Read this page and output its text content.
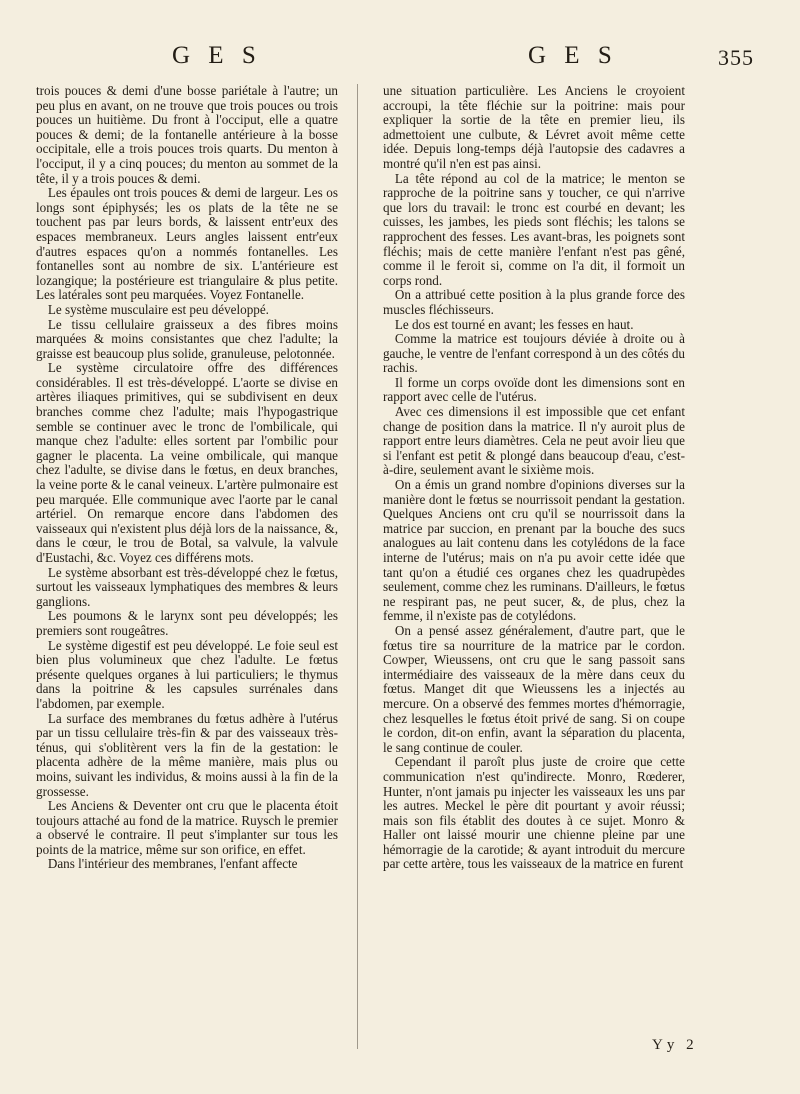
G E S	G E S	355

trois pouces & demi d'une bosse pariétale à l'autre; un peu plus en avant, on ne trouve que trois pouces ou trois pouces un huitième. Du front à l'occiput, elle a quatre pouces & demi; de la fontanelle antérieure à la bosse occipitale, elle a trois pouces trois quarts. Du menton à l'occiput, il y a cinq pouces; du menton au sommet de la tête, il y a trois pouces & demi.

Les épaules ont trois pouces & demi de largeur. Les os longs sont épiphysés; les os plats de la tête ne se touchent pas par leurs bords, & laissent entr'eux des espaces membraneux. Leurs angles laissent entr'eux d'autres espaces qu'on a nommés fontanelles. Les fontanelles sont au nombre de six. L'antérieure est lozangique; la postérieure est triangulaire & plus petite. Les latérales sont peu marquées. Voyez Fontanelle.

Le système musculaire est peu développé.

Le tissu cellulaire graisseux a des fibres moins marquées & moins consistantes que chez l'adulte; la graisse est beaucoup plus solide, granuleuse, pelotonnée.

Le système circulatoire offre des différences considérables. Il est très-développé. L'aorte se divise en artères iliaques primitives, qui se subdivisent en deux branches comme chez l'adulte; mais l'hypogastrique semble se continuer avec le tronc de l'ombilicale, qui manque chez l'adulte: elles sortent par l'ombilic pour gagner le placenta. La veine ombilicale, qui manque chez l'adulte, se divise dans le fœtus, en deux branches, la veine porte & le canal veineux. L'artère pulmonaire est peu marquée. Elle communique avec l'aorte par le canal artériel. On remarque encore dans l'abdomen des vaisseaux qui n'existent plus déjà lors de la naissance, &, dans le cœur, le trou de Botal, sa valvule, la valvule d'Eustachi, &c. Voyez ces différens mots.

Le système absorbant est très-développé chez le fœtus, surtout les vaisseaux lymphatiques des membres & leurs ganglions.

Les poumons & le larynx sont peu développés; les premiers sont rougeâtres.

Le système digestif est peu développé. Le foie seul est bien plus volumineux que chez l'adulte. Le fœtus présente quelques organes à lui particuliers; le thymus dans la poitrine & les capsules surrénales dans l'abdomen, par exemple.

La surface des membranes du fœtus adhère à l'utérus par un tissu cellulaire très-fin & par des vaisseaux très-ténus, qui s'oblitèrent vers la fin de la gestation: le placenta adhère de la même manière, mais plus ou moins, suivant les individus, & moins aussi à la fin de la grossesse.

Les Anciens & Deventer ont cru que le placenta étoit toujours attaché au fond de la matrice. Ruysch le premier a observé le contraire. Il peut s'implanter sur tous les points de la matrice, même sur son orifice, en effet.

Dans l'intérieur des membranes, l'enfant affecte

une situation particulière. Les Anciens le croyoient accroupi, la tête fléchie sur la poitrine: mais pour expliquer la sortie de la tête en premier lieu, ils admettoient une culbute, & Lévret avoit même cette idée. Depuis long-temps déjà l'autopsie des cadavres a montré qu'il n'en est pas ainsi.

La tête répond au col de la matrice; le menton se rapproche de la poitrine sans y toucher, ce qui n'arrive que lors du travail: le tronc est courbé en devant; les cuisses, les jambes, les pieds sont fléchis; les talons se rapprochent des fesses. Les avant-bras, les poignets sont fléchis; mais de cette manière l'enfant n'est pas gêné, comme il le feroit si, comme on l'a dit, il formoit un corps rond.

On a attribué cette position à la plus grande force des muscles fléchisseurs.

Le dos est tourné en avant; les fesses en haut.

Comme la matrice est toujours déviée à droite ou à gauche, le ventre de l'enfant correspond à un des côtés du rachis.

Il forme un corps ovoïde dont les dimensions sont en rapport avec celle de l'utérus.

Avec ces dimensions il est impossible que cet enfant change de position dans la matrice. Il n'y auroit plus de rapport entre leurs diamètres. Cela ne peut avoir lieu que si l'enfant est petit & plongé dans beaucoup d'eau, c'est-à-dire, seulement avant le sixième mois.

On a émis un grand nombre d'opinions diverses sur la manière dont le fœtus se nourrissoit pendant la gestation. Quelques Anciens ont cru qu'il se nourrissoit dans la matrice par succion, en prenant par la bouche des sucs analogues au lait contenu dans les cotylédons de la face interne de l'utérus; mais on n'a pu avoir cette idée que tant qu'on a étudié ces organes chez les quadrupèdes seulement, comme chez les ruminans. D'ailleurs, le fœtus ne respirant pas, ne peut sucer, &, de plus, chez la femme, il n'existe pas de cotylédons.

On a pensé assez généralement, d'autre part, que le fœtus tire sa nourriture de la matrice par le cordon. Cowper, Wieussens, ont cru que le sang passoit sans intermédiaire des vaisseaux de la mère dans ceux du fœtus. Manget dit que Wieussens les a injectés au mercure. On a observé des femmes mortes d'hémorragie, chez lesquelles le fœtus étoit privé de sang. Si on coupe le cordon, dit-on enfin, avant la séparation du placenta, le sang continue de couler.

Cependant il paroît plus juste de croire que cette communication n'est qu'indirecte. Monro, Rœderer, Hunter, n'ont jamais pu injecter les vaisseaux les uns par les autres. Meckel le père dit pourtant y avoir réussi; mais son fils établit des doutes à ce sujet. Monro & Haller ont laissé mourir une chienne pleine par une hémorragie de la carotide; & ayant introduit du mercure par cette artère, tous les vaisseaux de la matrice en furent

Yy 2
